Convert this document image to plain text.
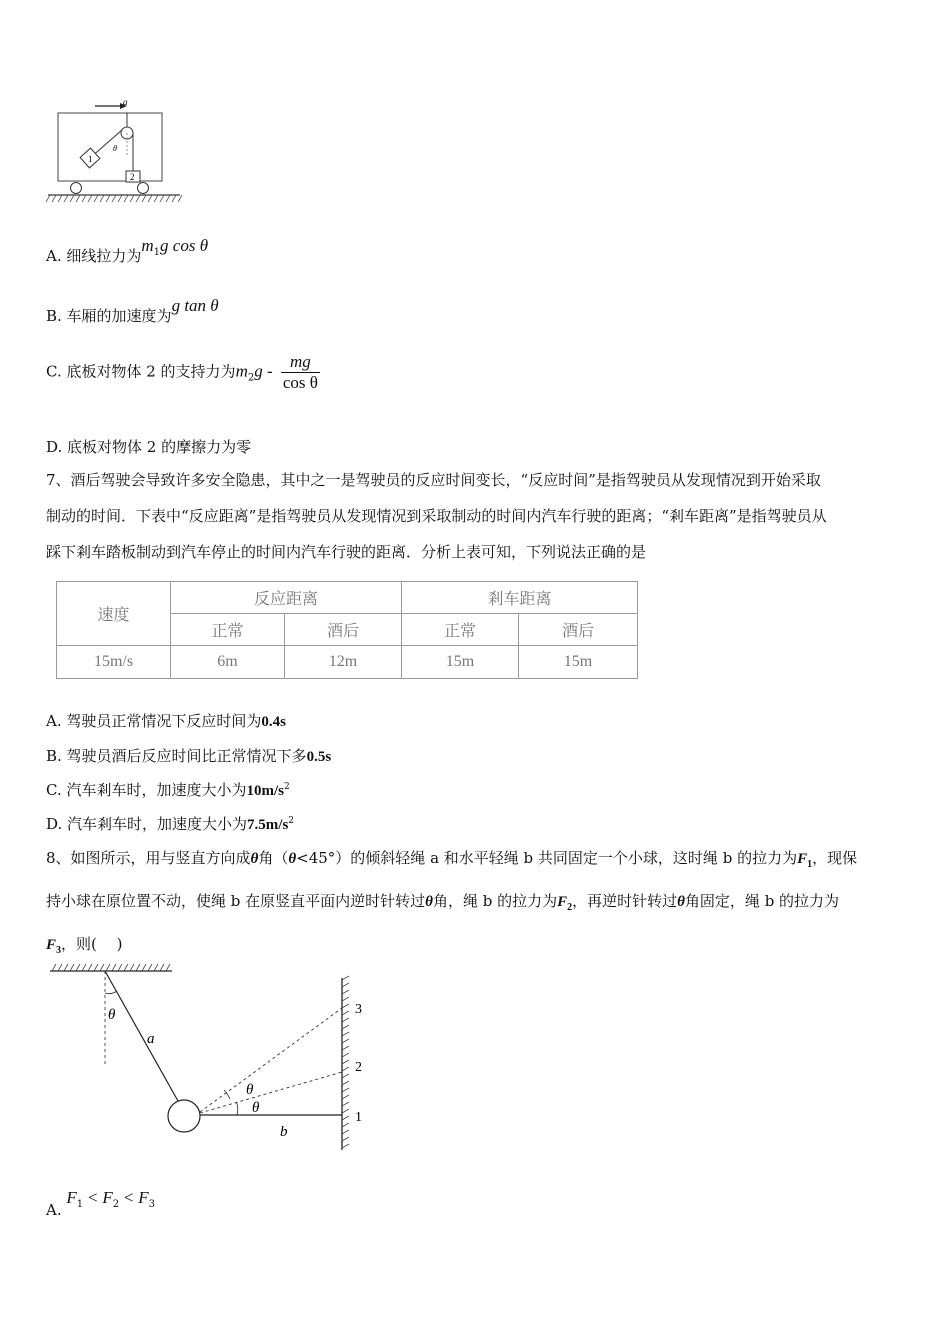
a
θ
1
2
A. 细线拉力为$m_1g$ cos θ
B. 车厢的加速度为g tan θ
C. 底板对物体 2 的支持力为$m_2g - \frac{mg}{\text{cos θ}}$
D. 底板对物体 2 的摩擦力为零
7、酒后驾驶会导致许多安全隐患，其中之一是驾驶员的反应时间变长，“反应时间”是指驾驶员从发现情况到开始采取
制动的时间．下表中“反应距离”是指驾驶员从发现情况到采取制动的时间内汽车行驶的距离；“剎车距离”是指驾驶员从
踩下剎车踏板制动到汽车停止的时间内汽车行驶的距离．分析上表可知，下列说法正确的是
速度	反应距离		剎车距离	
	正常	酒后	正常	酒后
15m/s	6m	12m	15m	15m
A. 驾驶员正常情况下反应时间为0.4s
B. 驾驶员酒后反应时间比正常情况下多0.5s
C. 汽车剎车时，加速度大小为$10m/s^2$
D. 汽车剎车时，加速度大小为$7.5m/s^2$
8、如图所示，用与竖直方向成θ角（θ<45°）的倾斜轻绳 a 和水平轻绳 b 共同固定一个小球，这时绳 b 的拉力为$F_1$，现保
持小球在原位置不动，使绳 b 在原竖直平面内逆时针转过θ角，绳 b 的拉力为$F_2$，再逆时针转过θ角固定，绳 b 的拉力为
$F_3$，则(　 )
θ
a
θ
θ
b
3
2
1
A. $F_1 < F_2 < F_3$
